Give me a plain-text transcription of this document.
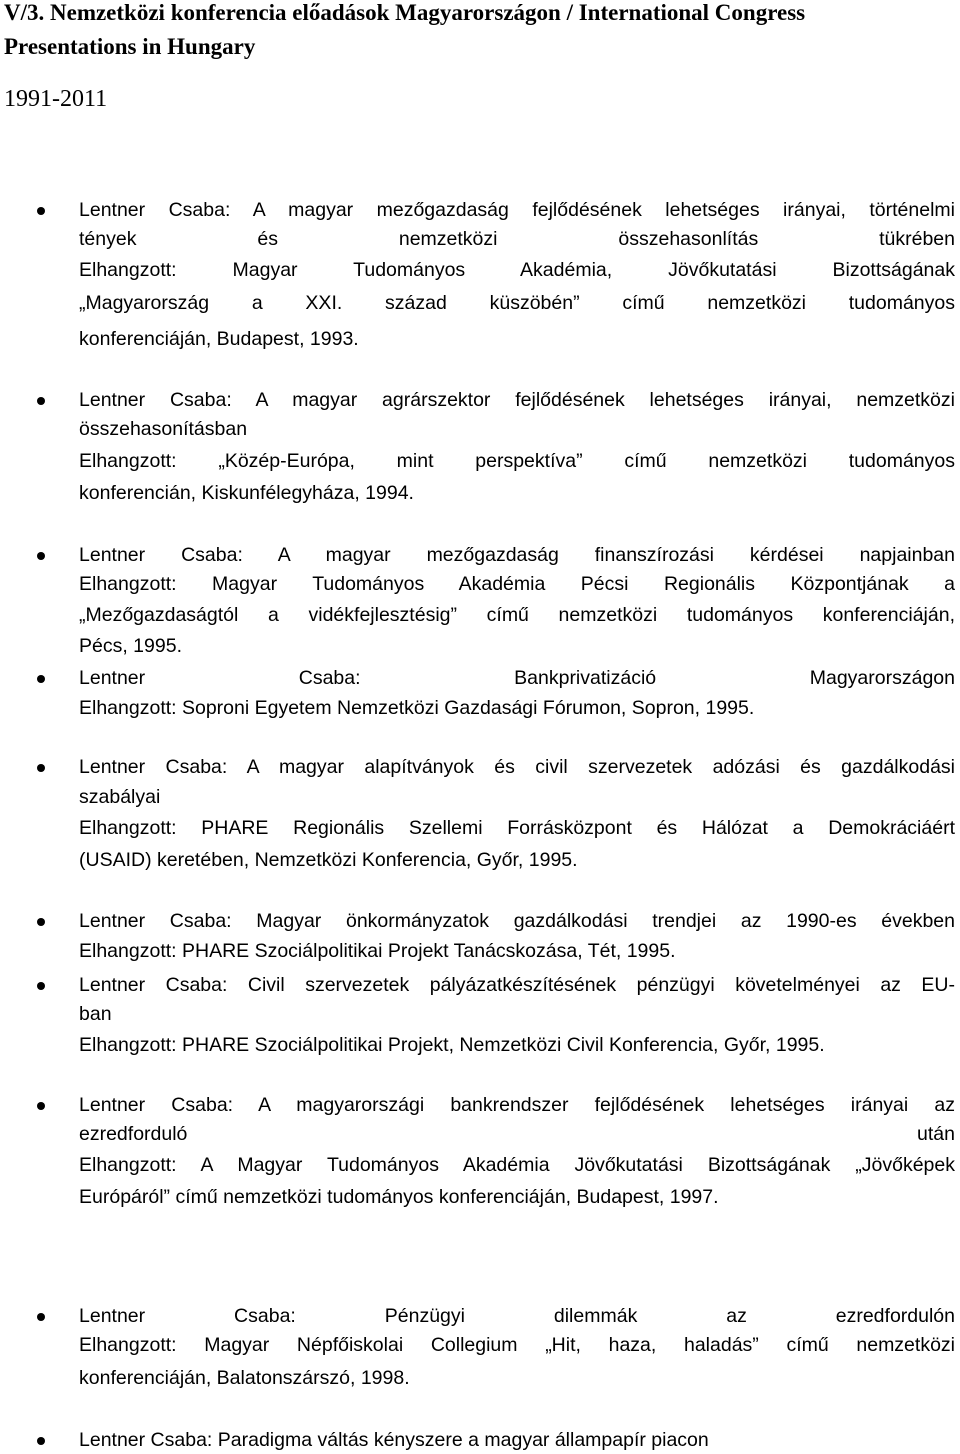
V/3. Nemzetközi konferencia előadások Magyarországon / International Congress
Presentations in Hungary

1991-2011

Lentner Csaba: A magyar mezőgazdaság fejlődésének lehetséges irányai, történelmi
tények és nemzetközi összehasonlítás tükrében
Elhangzott: Magyar Tudományos Akadémia, Jövőkutatási Bizottságának
„Magyarország a XXI. század küszöbén” című nemzetközi tudományos
konferenciáján, Budapest, 1993.
Lentner Csaba: A magyar agrárszektor fejlődésének lehetséges irányai, nemzetközi
összehasonításban
Elhangzott: „Közép-Európa, mint perspektíva” című nemzetközi tudományos
konferencián, Kiskunfélegyháza, 1994.
Lentner Csaba: A magyar mezőgazdaság finanszírozási kérdései napjainban
Elhangzott: Magyar Tudományos Akadémia Pécsi Regionális Központjának a
„Mezőgazdaságtól a vidékfejlesztésig” című nemzetközi tudományos konferenciáján,
Pécs, 1995.
Lentner Csaba: Bankprivatizáció Magyarországon
Elhangzott: Soproni Egyetem Nemzetközi Gazdasági Fórumon, Sopron, 1995.
Lentner Csaba: A magyar alapítványok és civil szervezetek adózási és gazdálkodási
szabályai
Elhangzott: PHARE Regionális Szellemi Forrásközpont és Hálózat a Demokráciáért
(USAID) keretében, Nemzetközi Konferencia, Győr, 1995.
Lentner Csaba: Magyar önkormányzatok gazdálkodási trendjei az 1990-es években
Elhangzott: PHARE Szociálpolitikai Projekt Tanácskozása, Tét, 1995.
Lentner Csaba: Civil szervezetek pályázatkészítésének pénzügyi követelményei az EU-
ban
Elhangzott: PHARE Szociálpolitikai Projekt, Nemzetközi Civil Konferencia, Győr, 1995.
Lentner Csaba: A magyarországi bankrendszer fejlődésének lehetséges irányai az
ezredforduló után
Elhangzott: A Magyar Tudományos Akadémia Jövőkutatási Bizottságának „Jövőképek
Európáról” című nemzetközi tudományos konferenciáján, Budapest, 1997.
Lentner Csaba: Pénzügyi dilemmák az ezredfordulón
Elhangzott: Magyar Népfőiskolai Collegium „Hit, haza, haladás” című nemzetközi
konferenciáján, Balatonszárszó, 1998.
Lentner Csaba: Paradigma váltás kényszere a magyar állampapír piacon
